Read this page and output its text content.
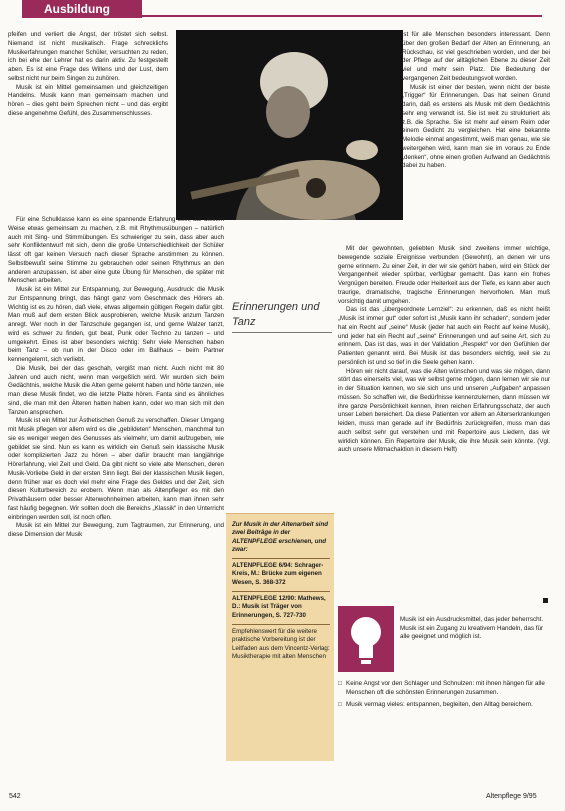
Ausbildung

pfeifen und verliert die Angst, der tröstet sich selbst. Niemand ist nicht musikalisch. Frage schrecklichs Musikerfahrungen mancher Schüler, versuchten zu reden, ich bei ehe der Lehrer hat es darin aktiv. Zu festgestellt aben. Es ist eine Frage des Willens und der Lust, dem selbst nicht nur beim Singen zu zuhören.

Musik ist ein Mittel gemeinsamen und gleichzeitigen Handelns. Musik kann man gemeinsam machen und hören – dies geht beim Sprechen nicht – und das ergibt diese angenehme Gefühl, des Zusammenschlusses.

Für eine Schulklasse kann es eine spannende Erfahrung sein, auf diesem Weise etwas gemeinsam zu machen, z.B. mit Rhythmusübungen – natürlich auch mit Sing- und Stimmübungen. Es schwieriger zu sein, dass aber auch sehr Konfliktentwurf mit sich, denn die große Unterschiedlichkeit der Schüler lässt oft gar keinen Versuch nach dieser Sprache anstimmen zu können. Selbstbewußt seine Stimme zu gebrauchen oder seinen Rhythmus an den anderen anzupassen, ist aber eine gute Übung für Menschen, die später mit Menschen arbeiten.

Musik ist ein Mittel zur Entspannung, zur Bewegung, Ausdruck: die Musik zur Entspannung bringt, das hängt ganz vom Geschmack des Hörers ab. Wichtig ist es zu hören, daß viele, etwas allgemein gültigen Regeln dafür gibt. Man muß auf dem ersten Blick ausprobieren, welche Musik anzum Tanzen anregt. Wer noch in der Tanzschule gegangen ist, und gerne Walzer tanzt, wird es schwer zu finden, gut beat, Punk oder Techno zu tanzen – und umgekehrt. Eines ist aber besonders wichtig: Sehr viele Menschen haben beim Tanz – ob nun in der Disco oder im Ballhaus – beim Partner kennengelernt, sich verliebt.

Die Musik, bei der das geschah, vergißt man nicht. Auch nicht mit 80 Jahren und auch nicht, wenn man vergeßlich wird. Wir wurden sich beim Gedächtnis, welche Musik die Alten gerne gelernt haben und hörte tanzen, wie man diese Musik findet, wo die letzte Platte hören. Fanta sind es ähnliches sind, die man mit den Älteren hatten haben kann, oder wo man sich mit den Tanzen ansprechen.

Musik ist ein Mittel zur Ästhetischen Genuß zu verschaffen. Dieser Umgang mit Musik pflegen vor allem wird es die „gebildeten“ Menschen, manchmal tun sie es weniger wegen des Genusses als vielmehr, um damit aufzugeben, wie gebildet sie sind. Nun es kann es wirklich ein Genuß sein klassische Musik oder komplizierten Jazz zu hören – aber dafür braucht man langjährige Hörerfahrung, viel Zeit und Geld. Da gibt nicht so viele alte Menschen, deren Musik-Vorliebe Geld in der ersten Sinn liegt. Bei der klassischen Musik liegen, denn früher war es doch viel mehr eine Frage des Geldes und der Zeit, sich diesen Kulturbereich zu erobern. Wenn man als Altenpfleger es mit den Privathäusern oder besser Altenwohnheimen arbeiten, kann man ihnen sehr fast häufig begegnen. Wir sollten doch die Bereichs „Klassik“ in den Unterricht einbringen werden soll, ist noch offen.

Musik ist ein Mittel zur Bewegung, zum Tagtraumen, zur Erinnerung, und diese Dimension der Musik

Erinnerungen und
Tanz

ist für alle Menschen besonders interessant. Denn über den großen Bedarf der Alten an Erinnerung, an Rückschau, ist viel geschrieben worden, und der bei der Pflege auf der alltäglichen Ebene zu dieser Zeit viel und mehr sein Platz. Die Bedeutung der vergangenen Zeit bedeutungsvoll worden.

Musik ist einer der besten, wenn nicht der beste „Trigger“ für Erinnerungen. Das hat seinen Grund darin, daß es erstens als Musik mit dem Gedächtnis sehr eng verwandt ist. Sie ist weit zu strukturiert als z.B. die Sprache. Sie ist mehr auf einem Reim oder einem Gedicht zu vergleichen. Hat eine bekannte Melodie einmal angestimmt, weiß man genau, wie sie weitergehen wird, kann man sie im voraus zu Ende „denken“, ohne einen großen Aufwand an Gedächtnis dabei zu haben.

Mit der gewohnten, geliebten Musik sind zweitens immer wichtige, bewegende soziale Ereignisse verbunden (Gewohnt), an denen wir uns gerne erinnern. Zu einer Zeit, in der wir sie gehört haben, wird ein Stück der Vergangenheit wieder spürbar, verfügbar gemacht. Das kann ein frohes Vergnügen bereiten. Freude oder Heiterkeit aus der Tiefe, es kann aber auch traurige, dramatische, tragische Erinnerungen hervorholen. Man muß vorsichtig damit umgehen.

Das ist das „übergeordnete Lernziel“: zu erkennen, daß es nicht heißt „Musik ist immer gut“ oder sofort ist „Musik kann ihr schaden“, sondern jeder hat ein Recht auf „seine“ Musik (jeder hat auch ein Recht auf keine Musik), und jeder hat ein Recht auf „seine“ Erinnerungen und auf seine Art, sich zu erinnern. Das ist das, was in der Validation „Respekt“ vor den Gefühlen der Patienten genannt wird. Bei Musik ist das besonders wichtig, weil sie zu persönlich ist und so tief in die Seele gehen kann.

Hören wir nicht darauf, was die Alten wünschen und was sie mögen, dann stört das einerseits viel, was wir selbst gerne mögen, dann lernen wir sie nur in der Situation kennen, wo sie sich uns und unseren „Aufgaben“ anpassen müssen. So schaffen wir, die Bedürfnisse kennenzulernen, dann müssen wir ihre ganze Persönlichkeit kennen, ihren reichen Erfahrungsschatz, der auch unser Leben bereichert. Da diese Patienten vor allem an Alterserkrankungen leiden, muss man gerade auf ihr Bedürfnis zurückgreifen, muss man das auch selbst sehr gut verstehen und mit Repertoire aus Liedern, das wir wirklich können. Ein Repertoire der Musik, die ihre Musik sein könnte. (Vgl. auch unsere Mitmachaktion in diesem Heft)

Zur Musik in der Altenarbeit sind zwei Beiträge in der ALTENPFLEGE erschienen, und zwar:
ALTENPFLEGE 6/94: Schrager-Kreis, M.: Brücke zum eigenen Wesen, S. 368-372
ALTENPFLEGE 12/90: Mathews, D.: Musik ist Träger von Erinnerungen, S. 727-730
Empfehlenswert für die weitere praktische Vorbereitung ist der Leitfaden aus dem Vincentz-Verlag: Musiktherapie mit alten Menschen
Musik ist ein Ausdrucksmittel, das jeder beherrscht. Musik ist ein Zugang zu kreativem Handeln, das für alle geeignet und möglich ist.
□ Keine Angst vor den Schlager und Schnulzen: mit ihnen hängen für alle Menschen oft die schönsten Erinnerungen zusammen.
□ Musik vermag vieles: entspannen, begleiten, den Alltag bereichern.
542	Altenpflege 9/95
